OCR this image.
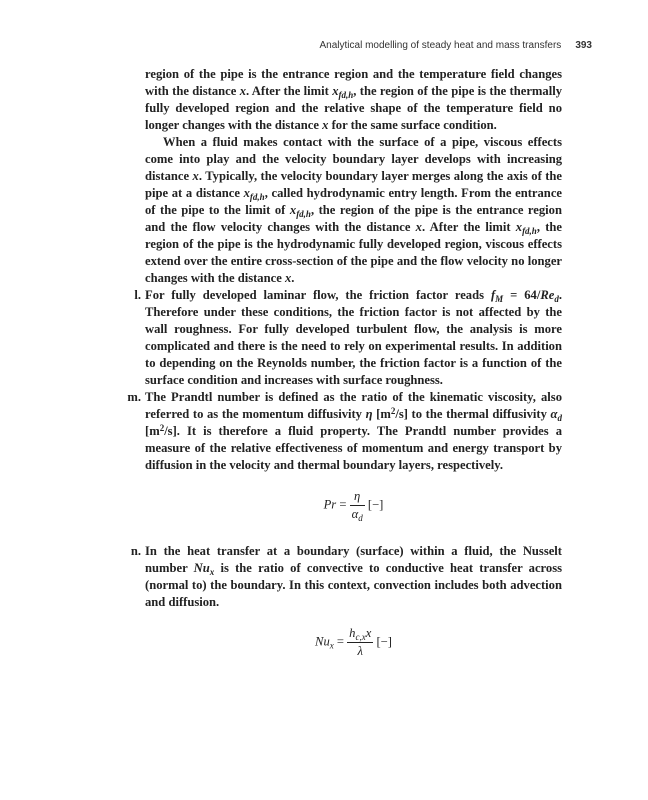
Analytical modelling of steady heat and mass transfers 393

region of the pipe is the entrance region and the temperature field changes with the distance x. After the limit $x_{fd,h}$, the region of the pipe is the thermally fully developed region and the relative shape of the temperature field no longer changes with the distance x for the same surface condition.

When a fluid makes contact with the surface of a pipe, viscous effects come into play and the velocity boundary layer develops with increasing distance x. Typically, the velocity boundary layer merges along the axis of the pipe at a distance $x_{fd,h}$, called hydrodynamic entry length. From the entrance of the pipe to the limit of $x_{fd,h}$, the region of the pipe is the entrance region and the flow velocity changes with the distance x. After the limit $x_{fd,h}$, the region of the pipe is the hydrodynamic fully developed region, viscous effects extend over the entire cross-section of the pipe and the flow velocity no longer changes with the distance x.

l. For fully developed laminar flow, the friction factor reads $f_M = 64/Re_d$. Therefore under these conditions, the friction factor is not affected by the wall roughness. For fully developed turbulent flow, the analysis is more complicated and there is the need to rely on experimental results. In addition to depending on the Reynolds number, the friction factor is a function of the surface condition and increases with surface roughness.

m. The Prandtl number is defined as the ratio of the kinematic viscosity, also referred to as the momentum diffusivity η $[m^2/s]$ to the thermal diffusivity $\alpha_d$ $[m^2/s]$. It is therefore a fluid property. The Prandtl number provides a measure of the relative effectiveness of momentum and energy transport by diffusion in the velocity and thermal boundary layers, respectively.

$Pr = \frac{\eta}{\alpha_d}$ [−]
n. In the heat transfer at a boundary (surface) within a fluid, the Nusselt number $Nu_x$ is the ratio of convective to conductive heat transfer across (normal to) the boundary. In this context, convection includes both advection and diffusion.

$Nu_x = \frac{h_{c,x}x}{\lambda}$ [−]
